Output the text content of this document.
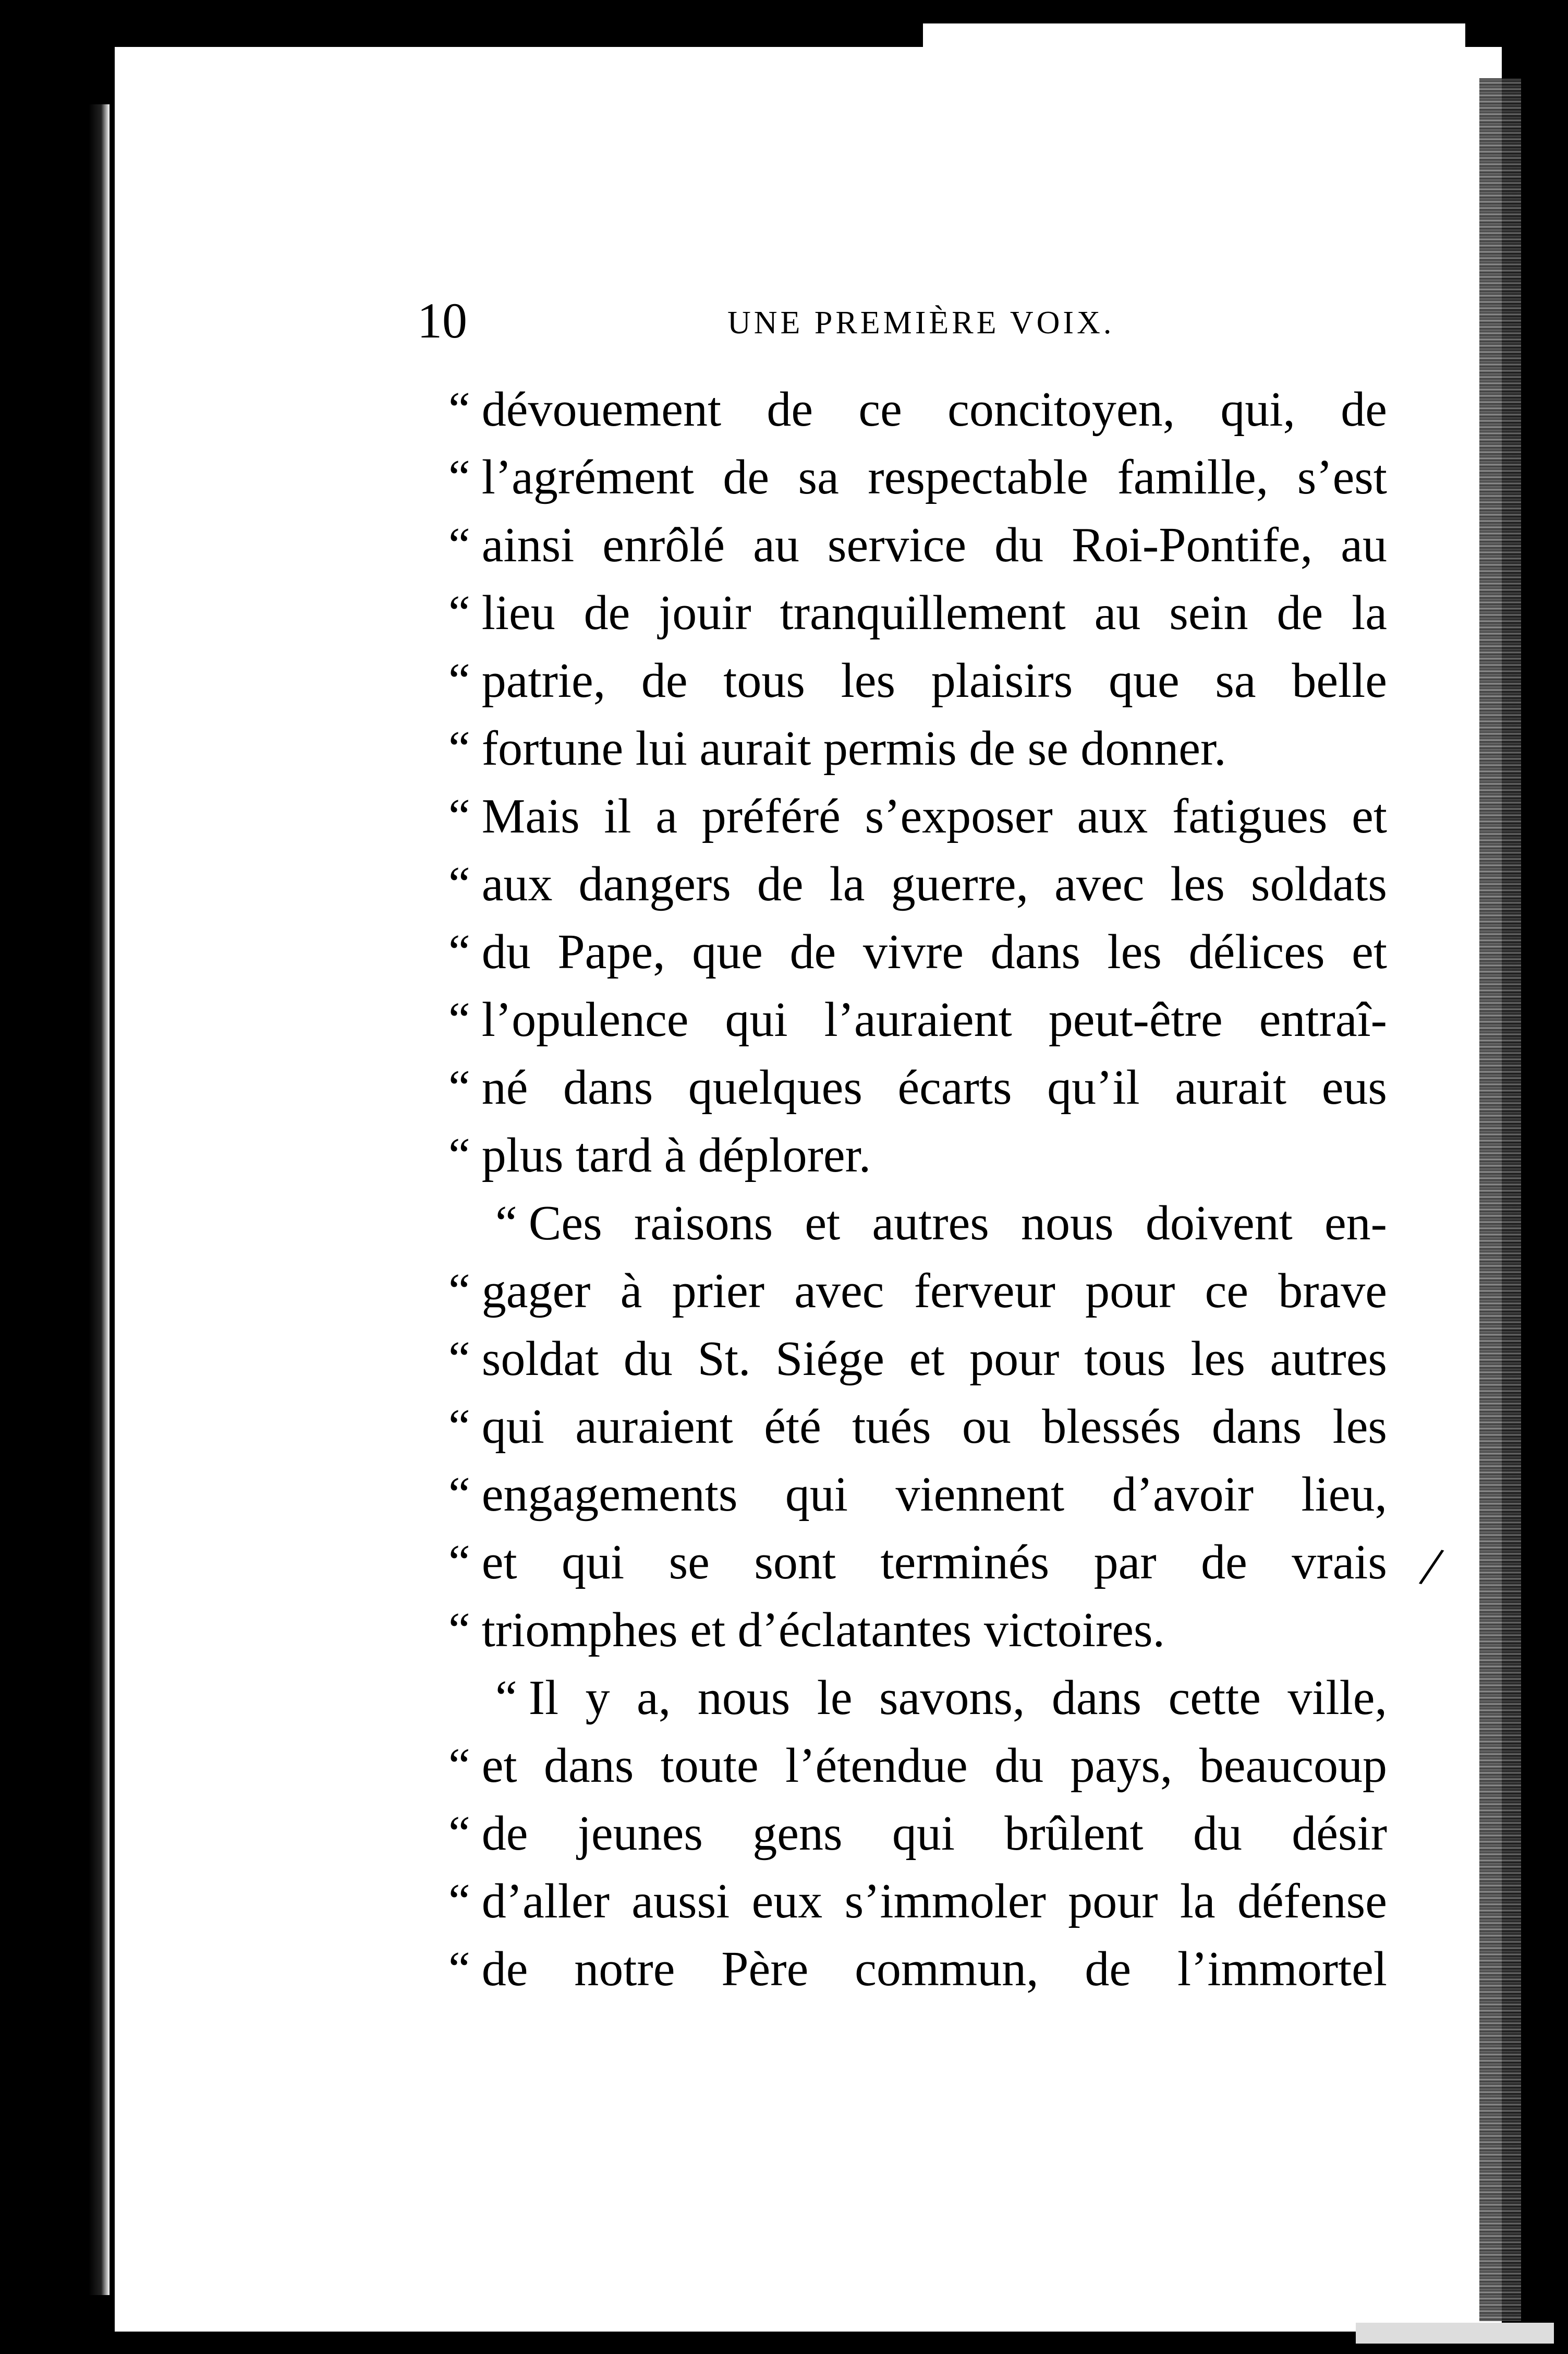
10	UNE PREMIÈRE VOIX.
“ dévouement de ce concitoyen, qui, de
“ l’agrément de sa respectable famille, s’est
“ ainsi enrôlé au service du Roi-Pontife, au
“ lieu de jouir tranquillement au sein de la
“ patrie, de tous les plaisirs que sa belle
“ fortune lui aurait permis de se donner.
“ Mais il a préféré s’exposer aux fatigues et
“ aux dangers de la guerre, avec les soldats
“ du Pape, que de vivre dans les délices et
“ l’opulence qui l’auraient peut-être entraî-
“ né dans quelques écarts qu’il aurait eus
“ plus tard à déplorer.
“ Ces raisons et autres nous doivent en-
“ gager à prier avec ferveur pour ce brave
“ soldat du St. Siége et pour tous les autres
“ qui auraient été tués ou blessés dans les
“ engagements qui viennent d’avoir lieu,
“ et qui se sont terminés par de vrais
“ triomphes et d’éclatantes victoires.
“ Il y a, nous le savons, dans cette ville,
“ et dans toute l’étendue du pays, beaucoup
“ de jeunes gens qui brûlent du désir
“ d’aller aussi eux s’immoler pour la défense
“ de notre Père commun, de l’immortel
/
